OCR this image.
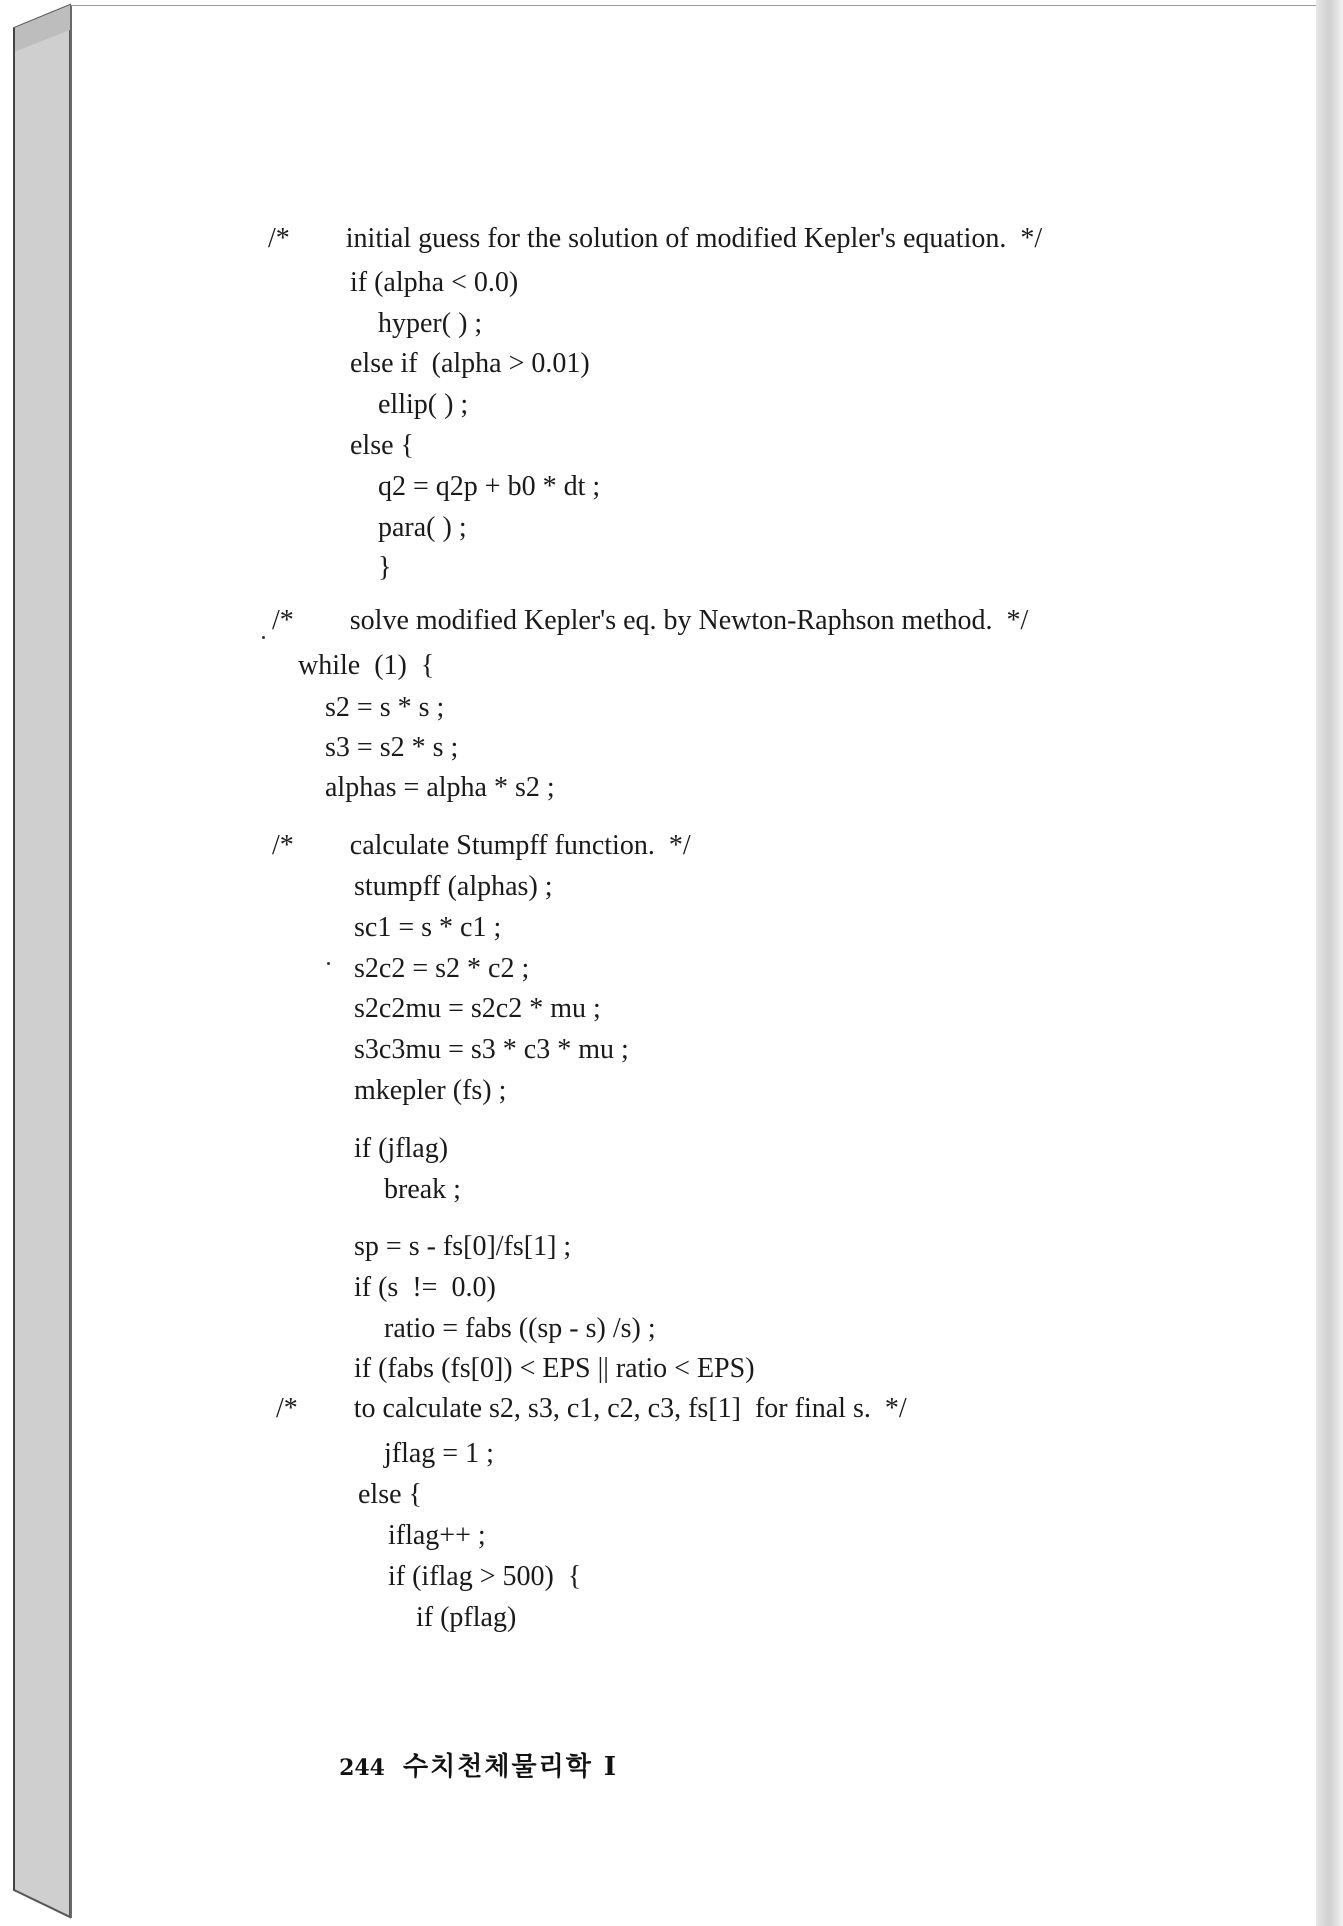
/*        initial guess for the solution of modified Kepler's equation.  */
if (alpha < 0.0)
hyper( ) ;
else if  (alpha > 0.01)
ellip( ) ;
else {
q2 = q2p + b0 * dt ;
para( ) ;
}
/*        solve modified Kepler's eq. by Newton-Raphson method.  */
while  (1)  {
s2 = s * s ;
s3 = s2 * s ;
alphas = alpha * s2 ;
/*        calculate Stumpff function.  */
stumpff (alphas) ;
sc1 = s * c1 ;
s2c2 = s2 * c2 ;
s2c2mu = s2c2 * mu ;
s3c3mu = s3 * c3 * mu ;
mkepler (fs) ;
if (jflag)
break ;
sp = s - fs[0]/fs[1] ;
if (s  !=  0.0)
ratio = fabs ((sp - s) /s) ;
if (fabs (fs[0]) < EPS || ratio < EPS)
/*        to calculate s2, s3, c1, c2, c3, fs[1]  for final s.  */
jflag = 1 ;
else {
iflag++ ;
if (iflag > 500)  {
if (pflag)

244 수치천체물리학 I
